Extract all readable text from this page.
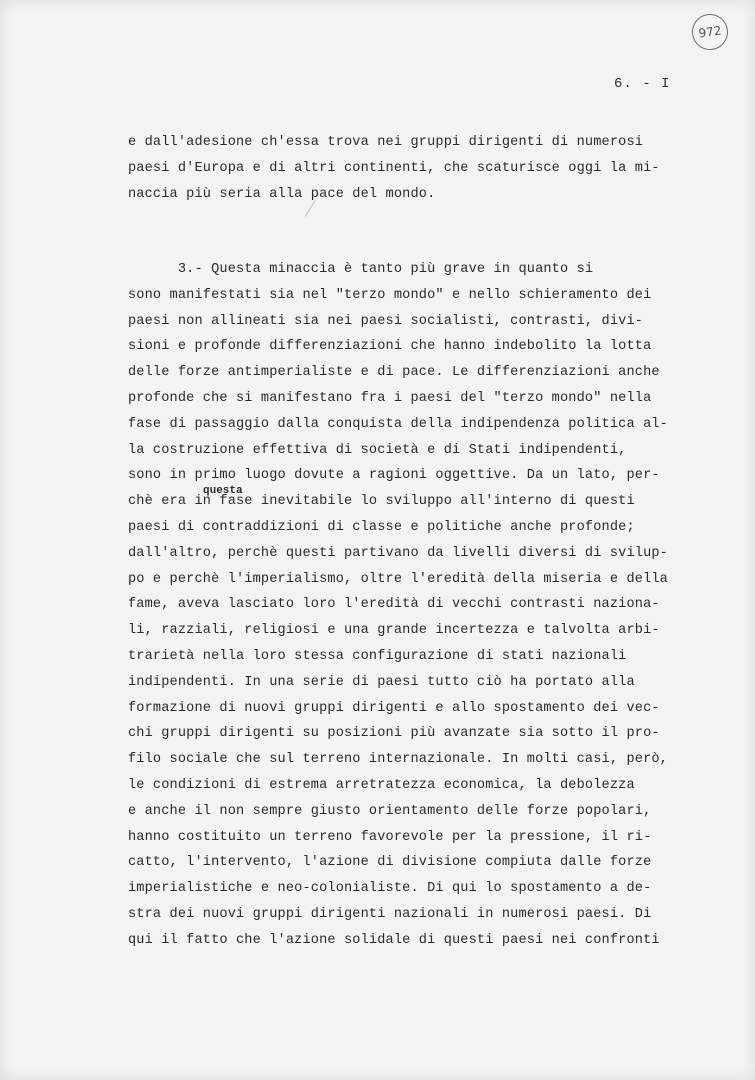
972
6. - I

e dall'adesione ch'essa trova nei gruppi dirigenti di numerosi
paesi d'Europa e di altri continenti, che scaturisce oggi la mi-
naccia più seria alla pace del mondo.

3.- Questa minaccia è tanto più grave in quanto si
sono manifestati sia nel "terzo mondo" e nello schieramento dei
paesi non allineati sia nei paesi socialisti, contrasti, divi-
sioni e profonde differenziazioni che hanno indebolito la lotta
delle forze antimperialiste e di pace. Le differenziazioni anche
profonde che si manifestano fra i paesi del "terzo mondo" nella
fase di passaggio dalla conquista della indipendenza politica al-
la costruzione effettiva di società e di Stati indipendenti,
sono in primo luogo dovute a ragioni oggettive. Da un lato, per-
chè era in fase inevitabile lo sviluppo all'interno di questi
paesi di contraddizioni di classe e politiche anche profonde;
dall'altro, perchè questi partivano da livelli diversi di svilup-
po e perchè l'imperialismo, oltre l'eredità della miseria e della
fame, aveva lasciato loro l'eredità di vecchi contrasti naziona-
li, razziali, religiosi e una grande incertezza e talvolta arbi-
trarietà nella loro stessa configurazione di stati nazionali
indipendenti. In una serie di paesi tutto ciò ha portato alla
formazione di nuovi gruppi dirigenti e allo spostamento dei vec-
chi gruppi dirigenti su posizioni più avanzate sia sotto il pro-
filo sociale che sul terreno internazionale. In molti casi, però,
le condizioni di estrema arretratezza economica, la debolezza
e anche il non sempre giusto orientamento delle forze popolari,
hanno costituito un terreno favorevole per la pressione, il ri-
catto, l'intervento, l'azione di divisione compiuta dalle forze
imperialistiche e neo-colonialiste. Di qui lo spostamento a de-
stra dei nuovi gruppi dirigenti nazionali in numerosi paesi. Di
qui il fatto che l'azione solidale di questi paesi nei confronti

questa
